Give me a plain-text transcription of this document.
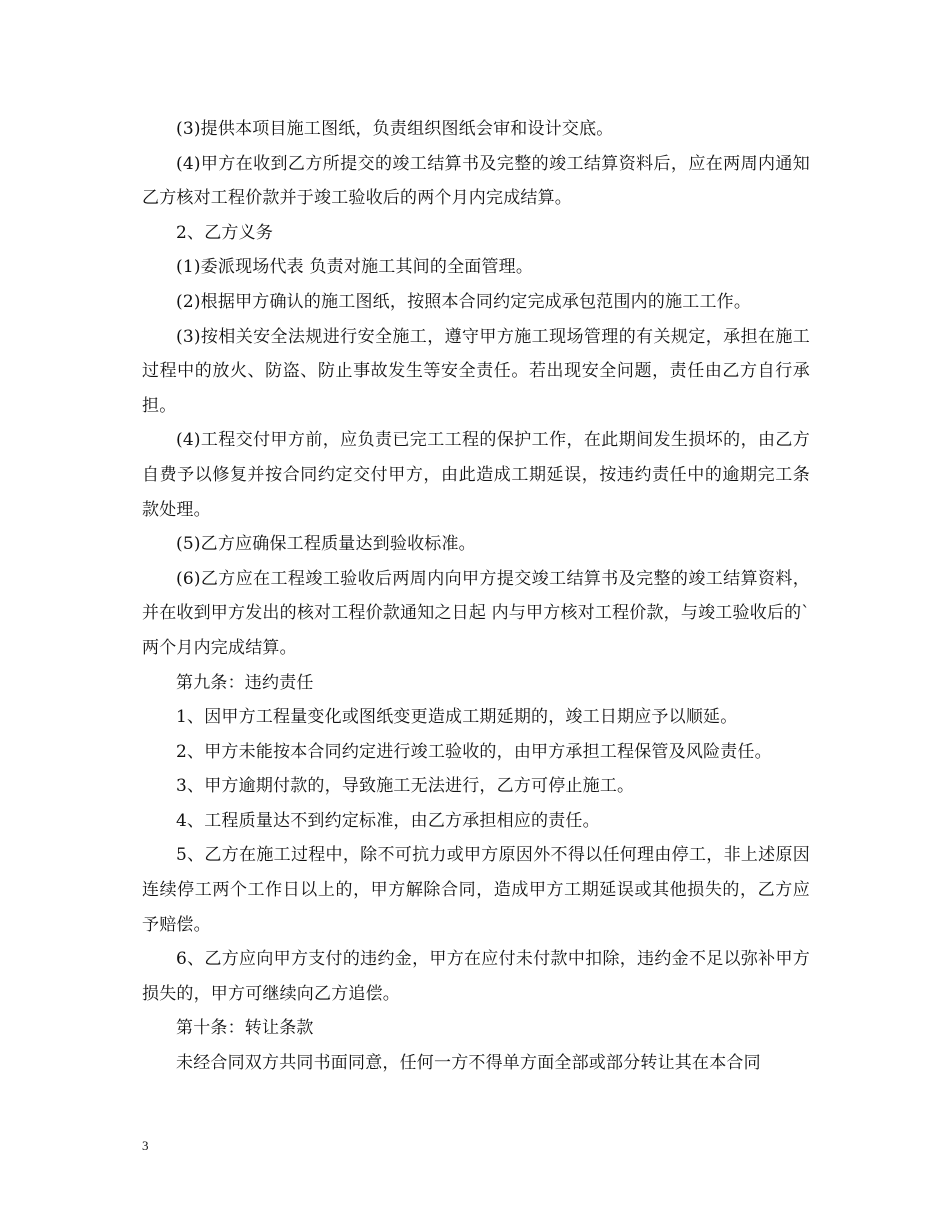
(3)提供本项目施工图纸，负责组织图纸会审和设计交底。

(4)甲方在收到乙方所提交的竣工结算书及完整的竣工结算资料后，应在两周内通知乙方核对工程价款并于竣工验收后的两个月内完成结算。

2、乙方义务

(1)委派现场代表 负责对施工其间的全面管理。

(2)根据甲方确认的施工图纸，按照本合同约定完成承包范围内的施工工作。

(3)按相关安全法规进行安全施工，遵守甲方施工现场管理的有关规定，承担在施工过程中的放火、防盗、防止事故发生等安全责任。若出现安全问题，责任由乙方自行承担。

(4)工程交付甲方前，应负责已完工工程的保护工作，在此期间发生损坏的，由乙方自费予以修复并按合同约定交付甲方，由此造成工期延误，按违约责任中的逾期完工条款处理。

(5)乙方应确保工程质量达到验收标准。

(6)乙方应在工程竣工验收后两周内向甲方提交竣工结算书及完整的竣工结算资料，并在收到甲方发出的核对工程价款通知之日起 内与甲方核对工程价款，与竣工验收后的`两个月内完成结算。

第九条：违约责任

1、因甲方工程量变化或图纸变更造成工期延期的，竣工日期应予以顺延。

2、甲方未能按本合同约定进行竣工验收的，由甲方承担工程保管及风险责任。

3、甲方逾期付款的，导致施工无法进行，乙方可停止施工。

4、工程质量达不到约定标准，由乙方承担相应的责任。

5、乙方在施工过程中，除不可抗力或甲方原因外不得以任何理由停工，非上述原因连续停工两个工作日以上的，甲方解除合同，造成甲方工期延误或其他损失的，乙方应予赔偿。

6、乙方应向甲方支付的违约金，甲方在应付未付款中扣除，违约金不足以弥补甲方损失的，甲方可继续向乙方追偿。

第十条：转让条款

未经合同双方共同书面同意，任何一方不得单方面全部或部分转让其在本合同

3
